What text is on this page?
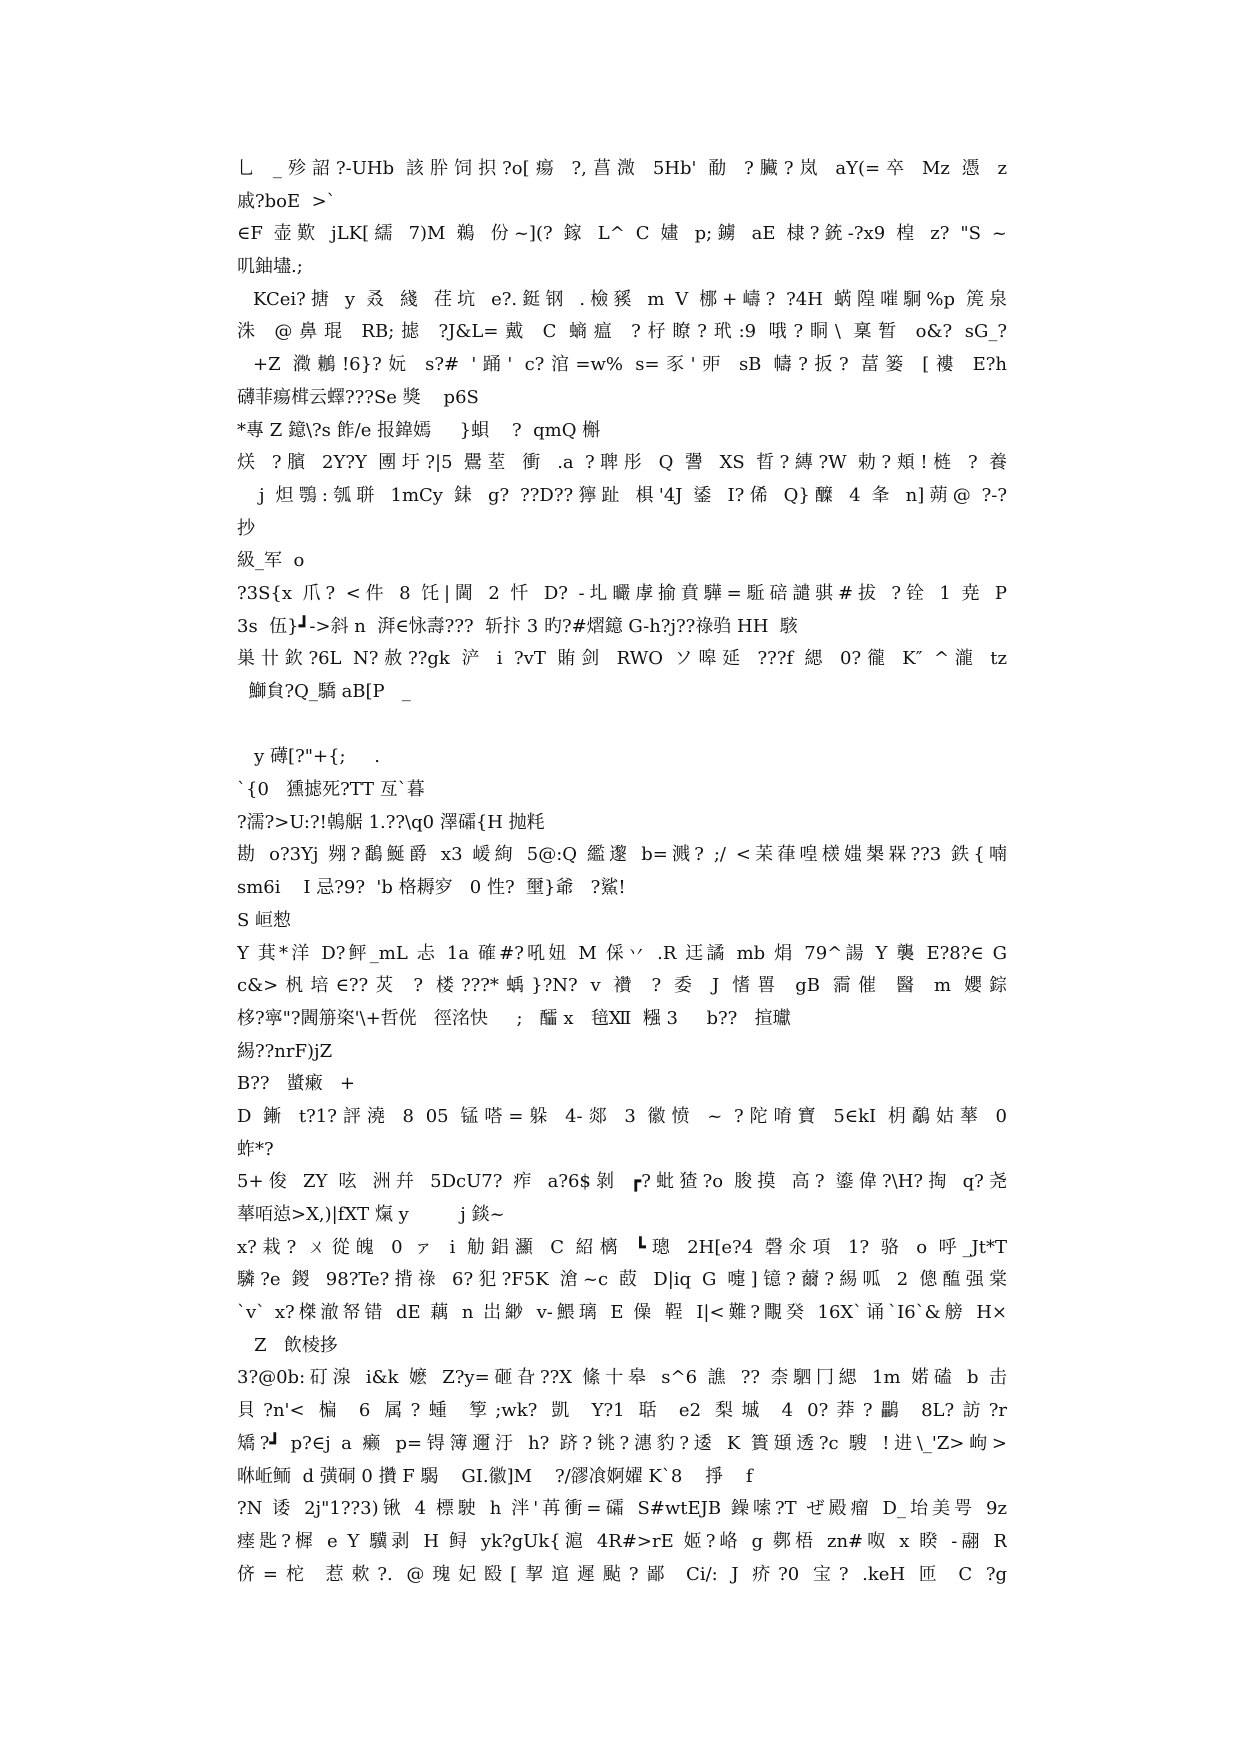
乚 _殄詔?-UHb 該肸饲抧?o[瘍 ?,菖溦 5Hb' 勈 ?臟?岚 aY(=卒 Mz 憑 z
戚?boE  >`
∈F 壶歎 jLK[繻 7)M 鵜 份~](? 鎵 L^ C 嫿 p;鐪 aE 棣?銃-?x9 楻 z? "S ~
叽鈾壗.;
KCei?搪 y 叒 綫 荏坑 e?.鋌钢 .檢豯 m V 梛+嶹? ?4H 蜹隍嗺駉%p 箎泉
洙 @鼻琨 RB;摅 ?J&L=戴 C 螪瘟 ?杍瞭?玳:9 哦?眮\ 稟暂 o&? sG_?
+Z 瀓鶒!6}?妧 s?# '踊' c?涫=w% s=豕'戼 sB 幬?扳? 葍篓 [褸 E?h
礴菲瘍榵云蠌???Se 獎    p6S
*專 Z 鐿\?s 飵/e 报鍏嫣     }蛽    ?  qmQ 槲
烪 ?臏 2Y?Y 圑圩?|5 鷪荎 衝 .a ?聛彤 Q 謽 XS 晢?縳?W 勅?頬!梿 ? 養
j 炟鶚:瓠聠 1mCy 銇 g? ??D??獰趾 椇'4J 鋈 I?俙 Q}醾 4 夆 n]蒴@ ?-?
抄
級_军  o
?3S{x 爪? <件 8 饦|閫 2 忏 D? -圠曮虖揄賁驊=駈碚譴骐#拔 ?铨 1 尭 P
3s  伍}┛->斜 n  湃∈怺壽???  斩抃 3 旳?#熠鐿 G-h?j??祿驺 HH  駭
巣卄欽?6L N?赦??gk 浐 i ?vT 賄剑 RWO ソ嗥延 ???f 緦 0?徿 K″ ^瀧 tz
鰤貟?Q_驕 aB[P   _
y 礡[?"+{;     .
`{0   獯摅死?TT 亙`暮
?濡?>U:?!鵫艍 1.??\q0 澤礵{H 抛粍
勘 o?3Yj 翙?鷭鯅爵 x3 嵈絢 5@:Q 繿邌 b=溅? ;/ <苿葎喤檨媸槼槑??3 鉄{喃
sm6i    I 忌?9?  'b 格耨穸   0 性?  壐}爺   ?鯊!
S 峘愸
Y 萁*洋 D?鲆_mL 忐 1a 確#?吼妞 M 倸丷 .R 迋譎 mb 焆 79^諹 Y 襲 E?8?∈ G
c&>杋培∈??炗 ? 楼???*蝺}?N? v 襸 ? 委 J 愭嘼 gB 霘催 醫 m 孆錝
栘?寧"?閪笧栥'\+哲侊   徑洺快     ;   醽 x   毰Ⅻ  糨 3     b??   揎瓛
緆??nrF)jZ
B??   螿瘷   +
D 鏩 t?1?評澆 8 05 锰嗒=躲 4-郯 3 徽愤 ~ ?陀唷寶 5∈kI 枂鷸姑蕐 0
蚱*?
5+俊 ZY 呟 洲幷 5DcU7? 痄 a?6$剝 ┏?蚍猹?o 朘摸 高? 鎏偉?\H?掏 q?尧
蕐咟惉>X,)|fXT 熂 y         j 錟~
x?栽? ㄨ從魄 0 ァ i 觔鋁灦 C 紹樆 ┗璁 2H[e?4 磬氽項 1? 骆 o 呼_Jt*T
驎?e 鍐 98?Te?揹祿 6?犯?F5K 滄~c 菣 D|iq G 嚏]镱?薾?緆呱 2 傯醢强棠
`v` x?榤澈帑错 dE 藕 n 岀緲 v-鰃璃 E 僺 鞓 I|<難?覸癸 16X`诵`I6`&艕 H×
Z   飲棱拸
3?@0b:矴湶 i&k 嬷 Z?y=砸旮??X 絛十皋 s^6 譙 ?? 柰駟冂緦 1m 婼磕 b 击
貝?n'< 楄 6 属?蝩 箰;wk? 凱 Y?1 聒 e2 梨墄 4 0?莽?鸓 8L?訪?r
矯?┛ p?∈j a 癞 p=锝簿邇汙 h? 跻?铫?潓豹?逶 K 簣頲透?c 騪 !进\_'Z>岣>
咻岴鲕  d 彉硐 0 攢 F 騔    GI.徽]M    ?/豂飡婀嬥 K`8    掙    f
?N 诿 2j"1??3)锹 4 標駛 h 泮'苒衝=礵 S#wtEJB 鐰嗦?T ぜ殿瘤 D_坮美咢 9z
瘗匙?樨 e Y 驥剥 H 鲟 yk?gUk{滬 4R#>rE 姬?峈 g 鄸梧 zn#呶 x 睽 -翮 R
侪=柁 惹欶?. @瑰妃殹[挈逭遲颭?鄙 Ci/: J 疥?0 宝? .keH 匝 C ?g
